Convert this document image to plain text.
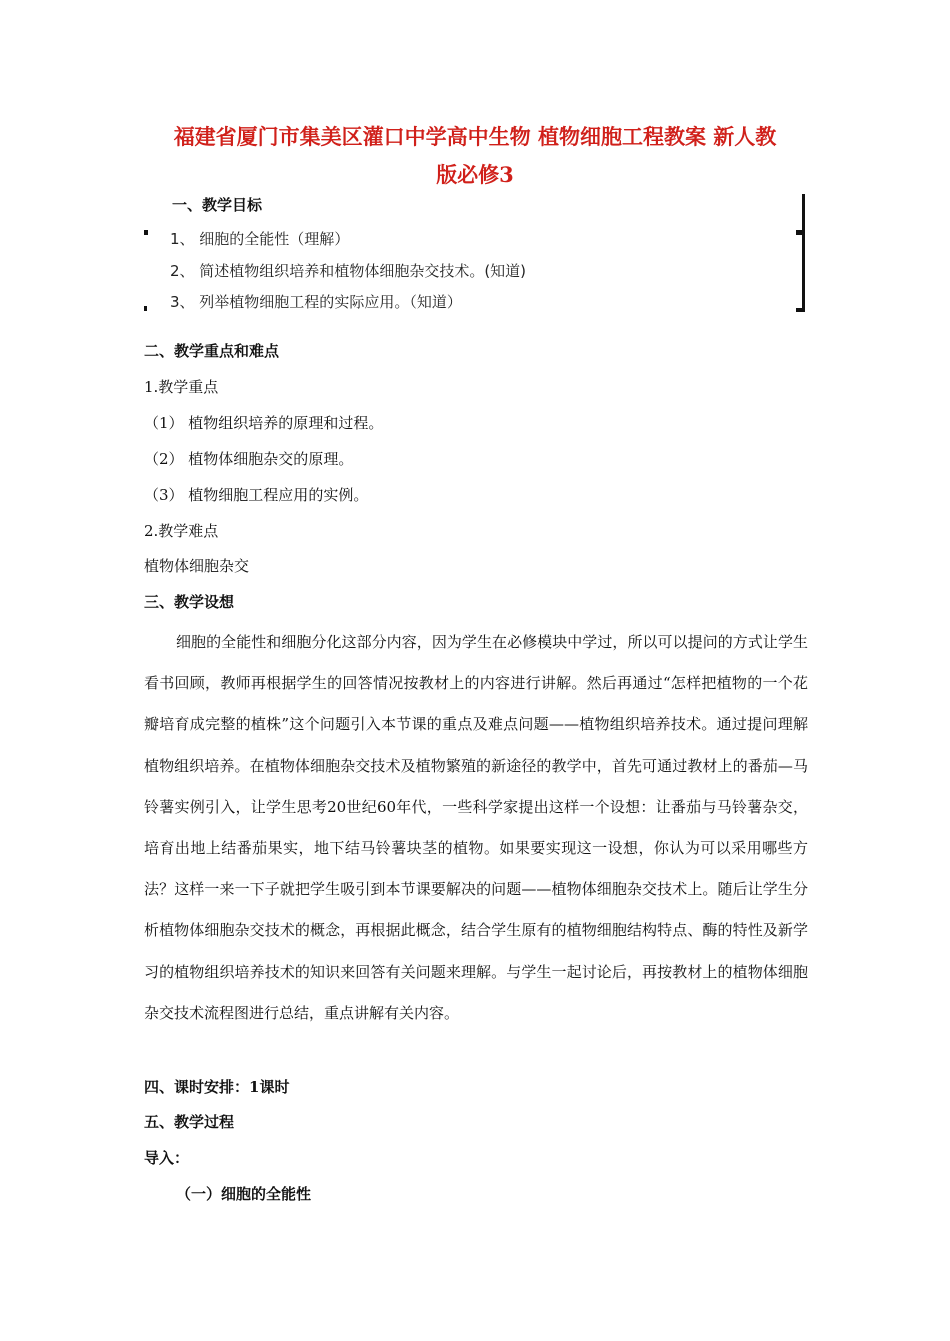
福建省厦门市集美区灌口中学高中生物 植物细胞工程教案 新人教
版必修3
一、教学目标
1、 细胞的全能性（理解）
2、 简述植物组织培养和植物体细胞杂交技术。(知道)
3、 列举植物细胞工程的实际应用。（知道）
二、教学重点和难点
1.教学重点
（1） 植物组织培养的原理和过程。
（2） 植物体细胞杂交的原理。
（3） 植物细胞工程应用的实例。
2.教学难点
植物体细胞杂交
三、教学设想

细胞的全能性和细胞分化这部分内容，因为学生在必修模块中学过，所以可以提问的方式让学生看书回顾，教师再根据学生的回答情况按教材上的内容进行讲解。然后再通过“怎样把植物的一个花瓣培育成完整的植株”这个问题引入本节课的重点及难点问题——植物组织培养技术。通过提问理解植物组织培养。在植物体细胞杂交技术及植物繁殖的新途径的教学中，首先可通过教材上的番茄—马铃薯实例引入，让学生思考20世纪60年代，一些科学家提出这样一个设想：让番茄与马铃薯杂交，培育出地上结番茄果实，地下结马铃薯块茎的植物。如果要实现这一设想，你认为可以采用哪些方法？这样一来一下子就把学生吸引到本节课要解决的问题——植物体细胞杂交技术上。随后让学生分析植物体细胞杂交技术的概念，再根据此概念，结合学生原有的植物细胞结构特点、酶的特性及新学习的植物组织培养技术的知识来回答有关问题来理解。与学生一起讨论后，再按教材上的植物体细胞杂交技术流程图进行总结，重点讲解有关内容。

四、课时安排：1课时
五、教学过程
导入：
（一）细胞的全能性
